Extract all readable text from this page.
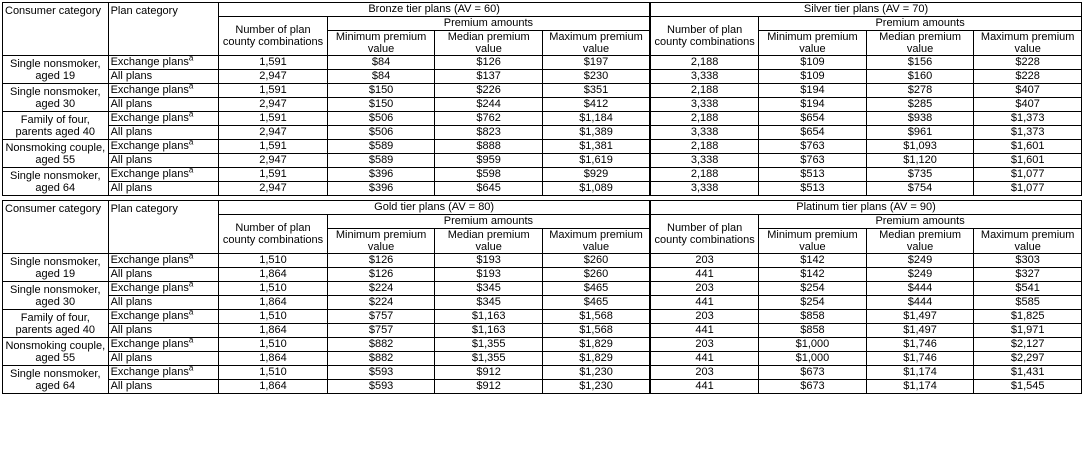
Consumer category	Plan category	Bronze tier plans (AV = 60)				Silver tier plans (AV = 70)			
		Number of plan county combinations	Premium amounts			Number of plan county combinations	Premium amounts		
			Minimum premium value	Median premium value	Maximum premium value		Minimum premium value	Median premium value	Maximum premium value
Single nonsmoker, aged 19	Exchange plans$^a$	1,591	$84	$126	$197	2,188	$109	$156	$228
	All plans	2,947	$84	$137	$230	3,338	$109	$160	$228
Single nonsmoker, aged 30	Exchange plans$^a$	1,591	$150	$226	$351	2,188	$194	$278	$407
	All plans	2,947	$150	$244	$412	3,338	$194	$285	$407
Family of four, parents aged 40	Exchange plans$^a$	1,591	$506	$762	$1,184	2,188	$654	$938	$1,373
	All plans	2,947	$506	$823	$1,389	3,338	$654	$961	$1,373
Nonsmoking couple, aged 55	Exchange plans$^a$	1,591	$589	$888	$1,381	2,188	$763	$1,093	$1,601
	All plans	2,947	$589	$959	$1,619	3,338	$763	$1,120	$1,601
Single nonsmoker, aged 64	Exchange plans$^a$	1,591	$396	$598	$929	2,188	$513	$735	$1,077
	All plans	2,947	$396	$645	$1,089	3,338	$513	$754	$1,077
Consumer category	Plan category	Gold tier plans (AV = 80)				Platinum tier plans (AV = 90)			
		Number of plan county combinations	Premium amounts			Number of plan county combinations	Premium amounts		
			Minimum premium value	Median premium value	Maximum premium value		Minimum premium value	Median premium value	Maximum premium value
Single nonsmoker, aged 19	Exchange plans$^a$	1,510	$126	$193	$260	203	$142	$249	$303
	All plans	1,864	$126	$193	$260	441	$142	$249	$327
Single nonsmoker, aged 30	Exchange plans$^a$	1,510	$224	$345	$465	203	$254	$444	$541
	All plans	1,864	$224	$345	$465	441	$254	$444	$585
Family of four, parents aged 40	Exchange plans$^a$	1,510	$757	$1,163	$1,568	203	$858	$1,497	$1,825
	All plans	1,864	$757	$1,163	$1,568	441	$858	$1,497	$1,971
Nonsmoking couple, aged 55	Exchange plans$^a$	1,510	$882	$1,355	$1,829	203	$1,000	$1,746	$2,127
	All plans	1,864	$882	$1,355	$1,829	441	$1,000	$1,746	$2,297
Single nonsmoker, aged 64	Exchange plans$^a$	1,510	$593	$912	$1,230	203	$673	$1,174	$1,431
	All plans	1,864	$593	$912	$1,230	441	$673	$1,174	$1,545
